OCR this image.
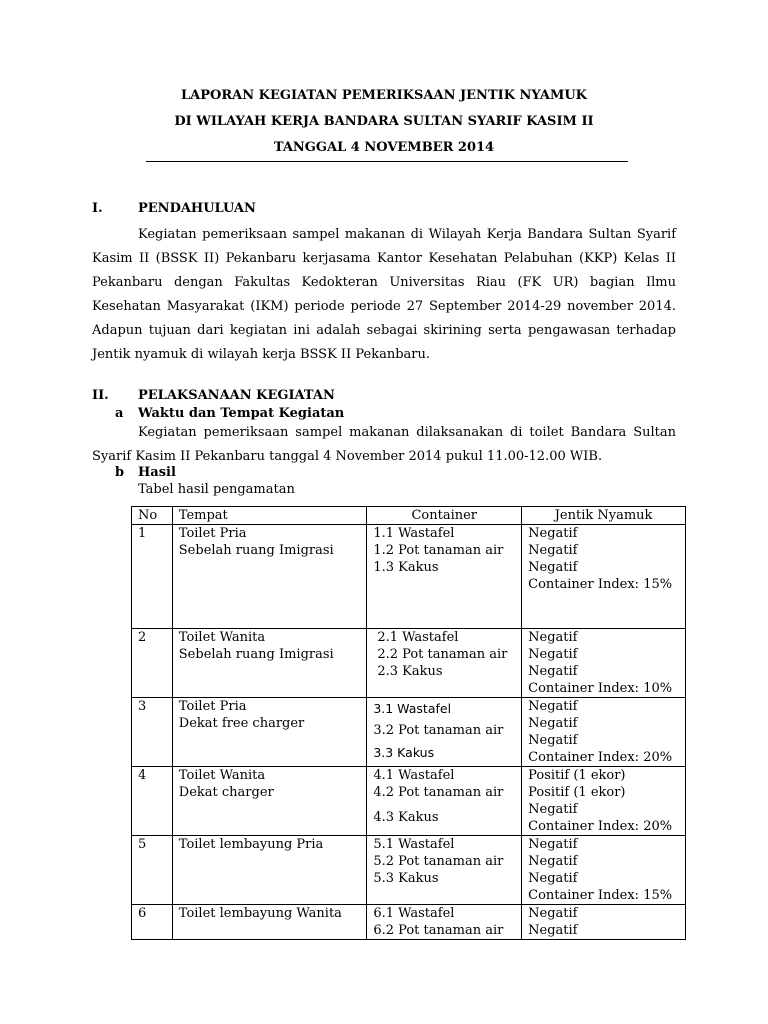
LAPORAN KEGIATAN PEMERIKSAAN JENTIK NYAMUK
DI WILAYAH KERJA BANDARA SULTAN SYARIF KASIM II
TANGGAL 4 NOVEMBER 2014
I.	PENDAHULUAN
Kegiatan pemeriksaan sampel makanan di Wilayah Kerja Bandara Sultan Syarif Kasim II (BSSK II) Pekanbaru kerjasama Kantor Kesehatan Pelabuhan (KKP) Kelas II Pekanbaru dengan Fakultas Kedokteran Universitas Riau (FK UR) bagian Ilmu Kesehatan Masyarakat (IKM) periode periode 27 September 2014-29 november 2014. Adapun tujuan dari kegiatan ini adalah sebagai skirining serta pengawasan terhadap Jentik nyamuk di wilayah kerja BSSK II Pekanbaru.
II. PELAKSANAAN KEGIATAN
a Waktu dan Tempat Kegiatan
Kegiatan pemeriksaan sampel makanan dilaksanakan di toilet Bandara Sultan Syarif Kasim II Pekanbaru tanggal 4 November 2014 pukul 11.00-12.00 WIB.
b Hasil
Tabel hasil pengamatan
No	Tempat	Container	Jentik Nyamuk
1	Toilet Pria
Sebelah ruang Imigrasi	1.1 Wastafel
1.2 Pot tanaman air
1.3 Kakus	Negatif
Negatif
Negatif
Container Index: 15%

2	Toilet Wanita
Sebelah ruang Imigrasi	2.1 Wastafel
2.2 Pot tanaman air
2.3 Kakus	Negatif
Negatif
Negatif
Container Index: 10%

3	Toilet Pria
Dekat free charger	3.1 Wastafel
3.2 Pot tanaman air
3.3 Kakus	Negatif
Negatif
Negatif
Container Index: 20%

4	Toilet Wanita
Dekat charger	4.1 Wastafel
4.2 Pot tanaman air
4.3 Kakus	Positif (1 ekor)
Positif (1 ekor)
Negatif
Container Index: 20%

5	Toilet lembayung Pria	5.1 Wastafel
5.2 Pot tanaman air
5.3 Kakus	Negatif
Negatif
Negatif
Container Index: 15%

6	Toilet lembayung Wanita	6.1 Wastafel
6.2 Pot tanaman air	Negatif
Negatif
